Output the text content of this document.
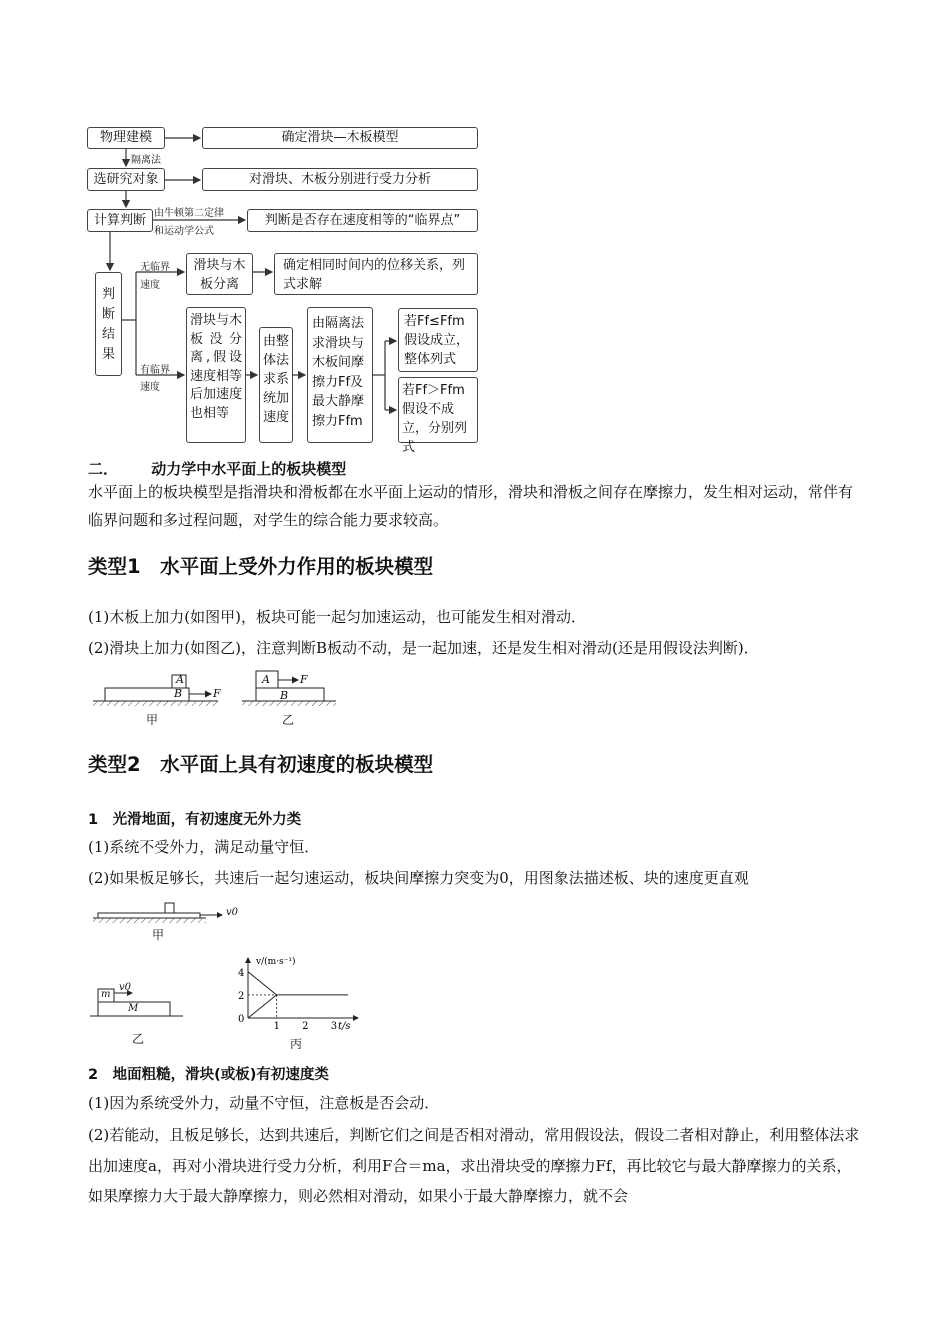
物理建模	确定滑块—木板模型
隔离法
选研究对象	对滑块、木板分别进行受力分析
计算判断 由牛顿第二定律
和运动学公式
判断是否存在速度相等的“临界点”
判断结果
无临界
速度
滑块与木板分离
确定相同时间内的位移关系，列式求解
有临界
速度
滑块与木板没分离,假设速度相等后加速度也相等
由整体法求系统加速度
由隔离法求滑块与木板间摩擦力Ff及最大静摩擦力Ffm
若Ff≤Ffm 假设成立，整体列式
若Ff＞Ffm 假设不成立，分别列式
二． 动力学中水平面上的板块模型
水平面上的板块模型是指滑块和滑板都在水平面上运动的情形，滑块和滑板之间存在摩擦力，发生相对运动，常伴有临界问题和多过程问题，对学生的综合能力要求较高。
类型1　水平面上受外力作用的板块模型
(1)木板上加力(如图甲)，板块可能一起匀加速运动，也可能发生相对滑动．
(2)滑块上加力(如图乙)，注意判断B板动不动，是一起加速，还是发生相对滑动(还是用假设法判断)．
A
B	F
甲
A
B
F
乙
类型2　水平面上具有初速度的板块模型
1　光滑地面，有初速度无外力类
(1)系统不受外力，满足动量守恒．
(2)如果板足够长，共速后一起匀速运动，板块间摩擦力突变为0，用图象法描述板、块的速度更直观
v0
甲
m
M
v0
乙
v/(m·s⁻¹)
t/s
1 2 3
0
2
4
丙
2　地面粗糙，滑块(或板)有初速度类
(1)因为系统受外力，动量不守恒，注意板是否会动．
(2)若能动，且板足够长，达到共速后，判断它们之间是否相对滑动，常用假设法，假设二者相对静止，利用整体法求出加速度a，再对小滑块进行受力分析，利用F合＝ma，求出滑块受的摩擦力Ff，再比较它与最大静摩擦力的关系，如果摩擦力大于最大静摩擦力，则必然相对滑动，如果小于最大静摩擦力，就不会
